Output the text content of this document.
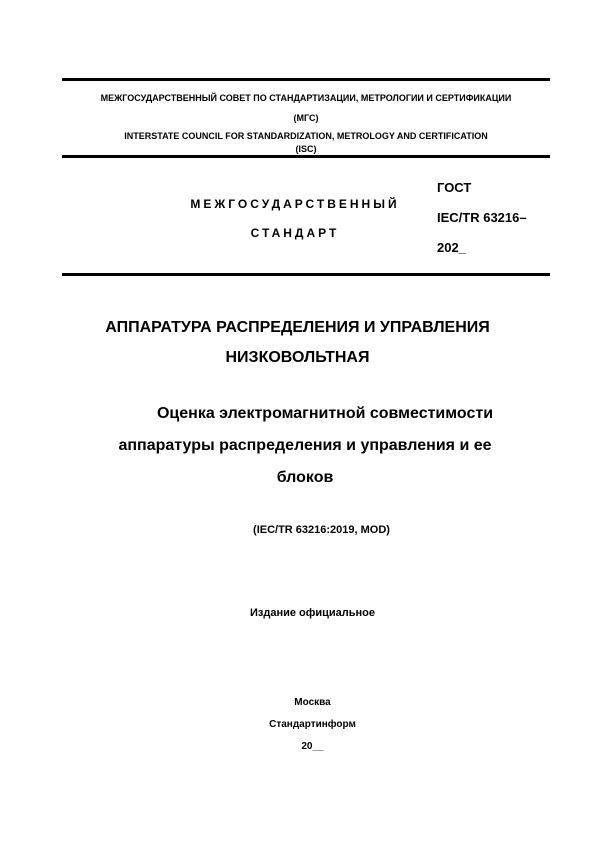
МЕЖГОСУДАРСТВЕННЫЙ СОВЕТ ПО СТАНДАРТИЗАЦИИ, МЕТРОЛОГИИ И СЕРТИФИКАЦИИ
(МГС)
INTERSTATE COUNCIL FOR STANDARDIZATION, METROLOGY AND CERTIFICATION
(ISC)
МЕЖГОСУДАРСТВЕННЫЙ
СТАНДАРТ
ГОСТ
IEC/TR 63216–
202_
АППАРАТУРА РАСПРЕДЕЛЕНИЯ И УПРАВЛЕНИЯ
НИЗКОВОЛЬТНАЯ
Оценка электромагнитной совместимости
аппаратуры распределения и управления и ее
блоков
(IEC/TR 63216:2019, MOD)
Издание официальное
Москва
Стандартинформ
20__
